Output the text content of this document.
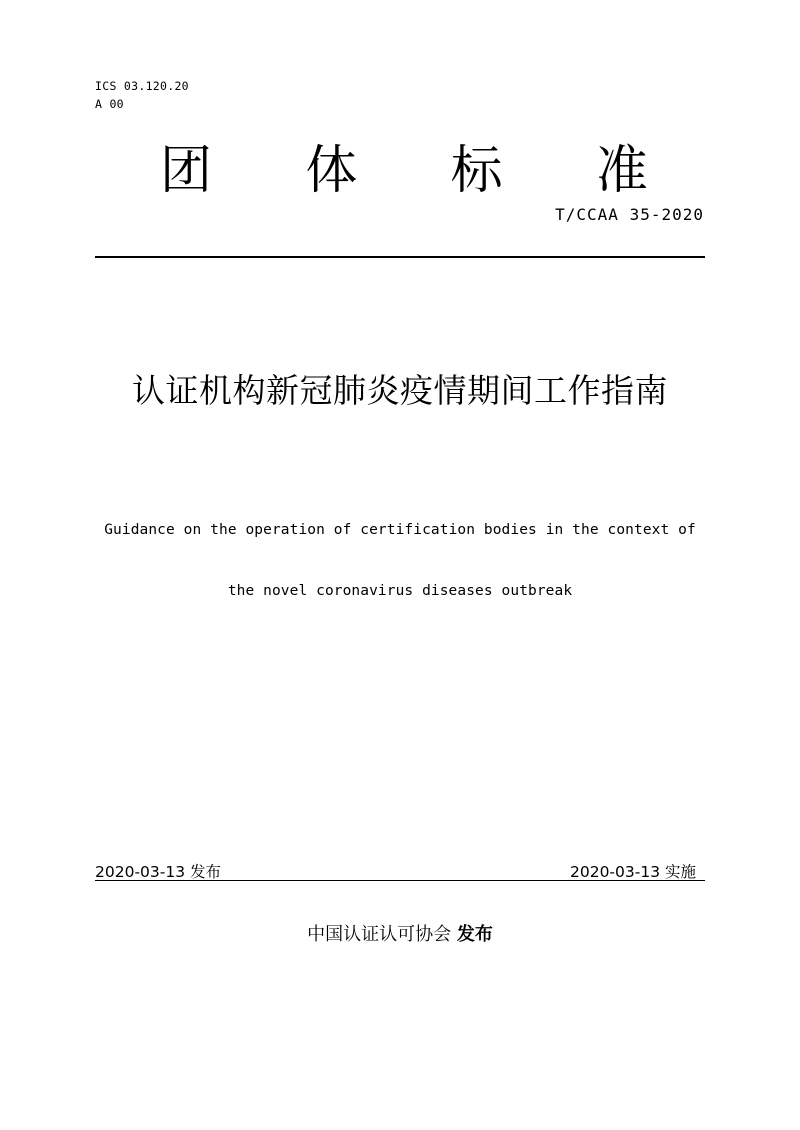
ICS 03.120.20
A 00
团 体 标 准
T/CCAA 35-2020
认证机构新冠肺炎疫情期间工作指南
Guidance on the operation of certification bodies in the context of
the novel coronavirus diseases outbreak
2020-03-13 发布	2020-03-13 实施
中国认证认可协会 发布
